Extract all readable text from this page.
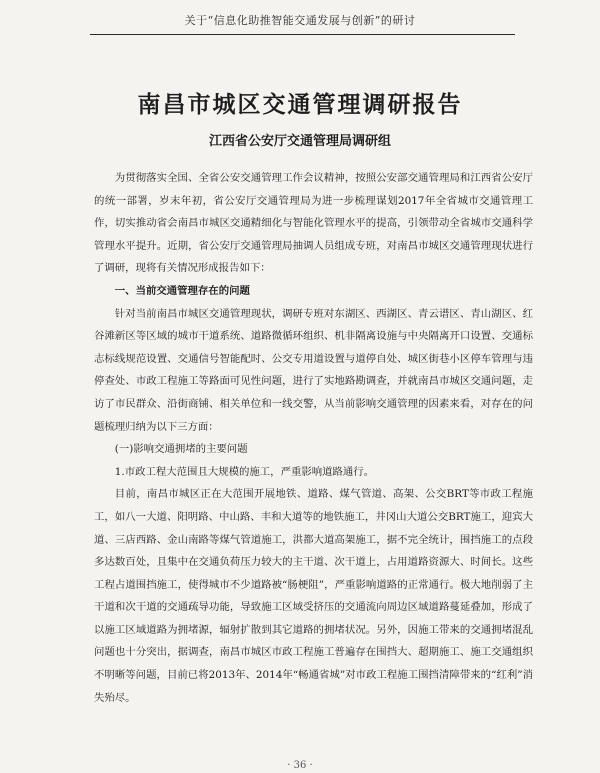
关于“信息化助推智能交通发展与创新”的研讨
南昌市城区交通管理调研报告
江西省公安厅交通管理局调研组

为贯彻落实全国、全省公安交通管理工作会议精神，按照公安部交通管理局和江西省公安厅的统一部署，岁末年初，省公安厅交通管理局为进一步梳理谋划2017年全省城市交通管理工作，切实推动省会南昌市城区交通精细化与智能化管理水平的提高，引领带动全省城市交通科学管理水平提升。近期，省公安厅交通管理局抽调人员组成专班，对南昌市城区交通管理现状进行了调研，现将有关情况形成报告如下：

一、当前交通管理存在的问题

针对当前南昌市城区交通管理现状，调研专班对东湖区、西湖区、青云谱区、青山湖区、红谷滩新区等区域的城市干道系统、道路微循环组织、机非隔离设施与中央隔离开口设置、交通标志标线规范设置、交通信号智能配时、公交专用道设置与道停自处、城区街巷小区停车管理与违停查处、市政工程施工等路面可见性问题，进行了实地路勘调查，并就南昌市城区交通问题，走访了市民群众、沿街商铺、相关单位和一线交警，从当前影响交通管理的因素来看，对存在的问题梳理归纳为以下三方面：

(一)影响交通拥堵的主要问题

1.市政工程大范围且大规模的施工，严重影响道路通行。

目前，南昌市城区正在大范围开展地铁、道路、煤气管道、高架、公交BRT等市政工程施工，如八一大道、阳明路、中山路、丰和大道等的地铁施工，井冈山大道公交BRT施工，迎宾大道、三店西路、金山南路等煤气管道施工，洪都大道高架施工，据不完全统计，围挡施工的点段多达数百处，且集中在交通负荷压力较大的主干道、次干道上，占用道路资源大、时间长。这些工程占道围挡施工，使得城市不少道路被“肠梗阻”，严重影响道路的正常通行。极大地削弱了主干道和次干道的交通疏导功能，导致施工区域受挤压的交通流向周边区域道路蔓延叠加，形成了以施工区域道路为拥堵源，辐射扩散到其它道路的拥堵状况。另外，因施工带来的交通拥堵混乱问题也十分突出，据调查，南昌市城区市政工程施工普遍存在围挡大、超期施工、施工交通组织不明晰等问题，目前已将2013年、2014年“畅通省城”对市政工程施工围挡清障带来的“红利”消失殆尽。

· 36 ·
